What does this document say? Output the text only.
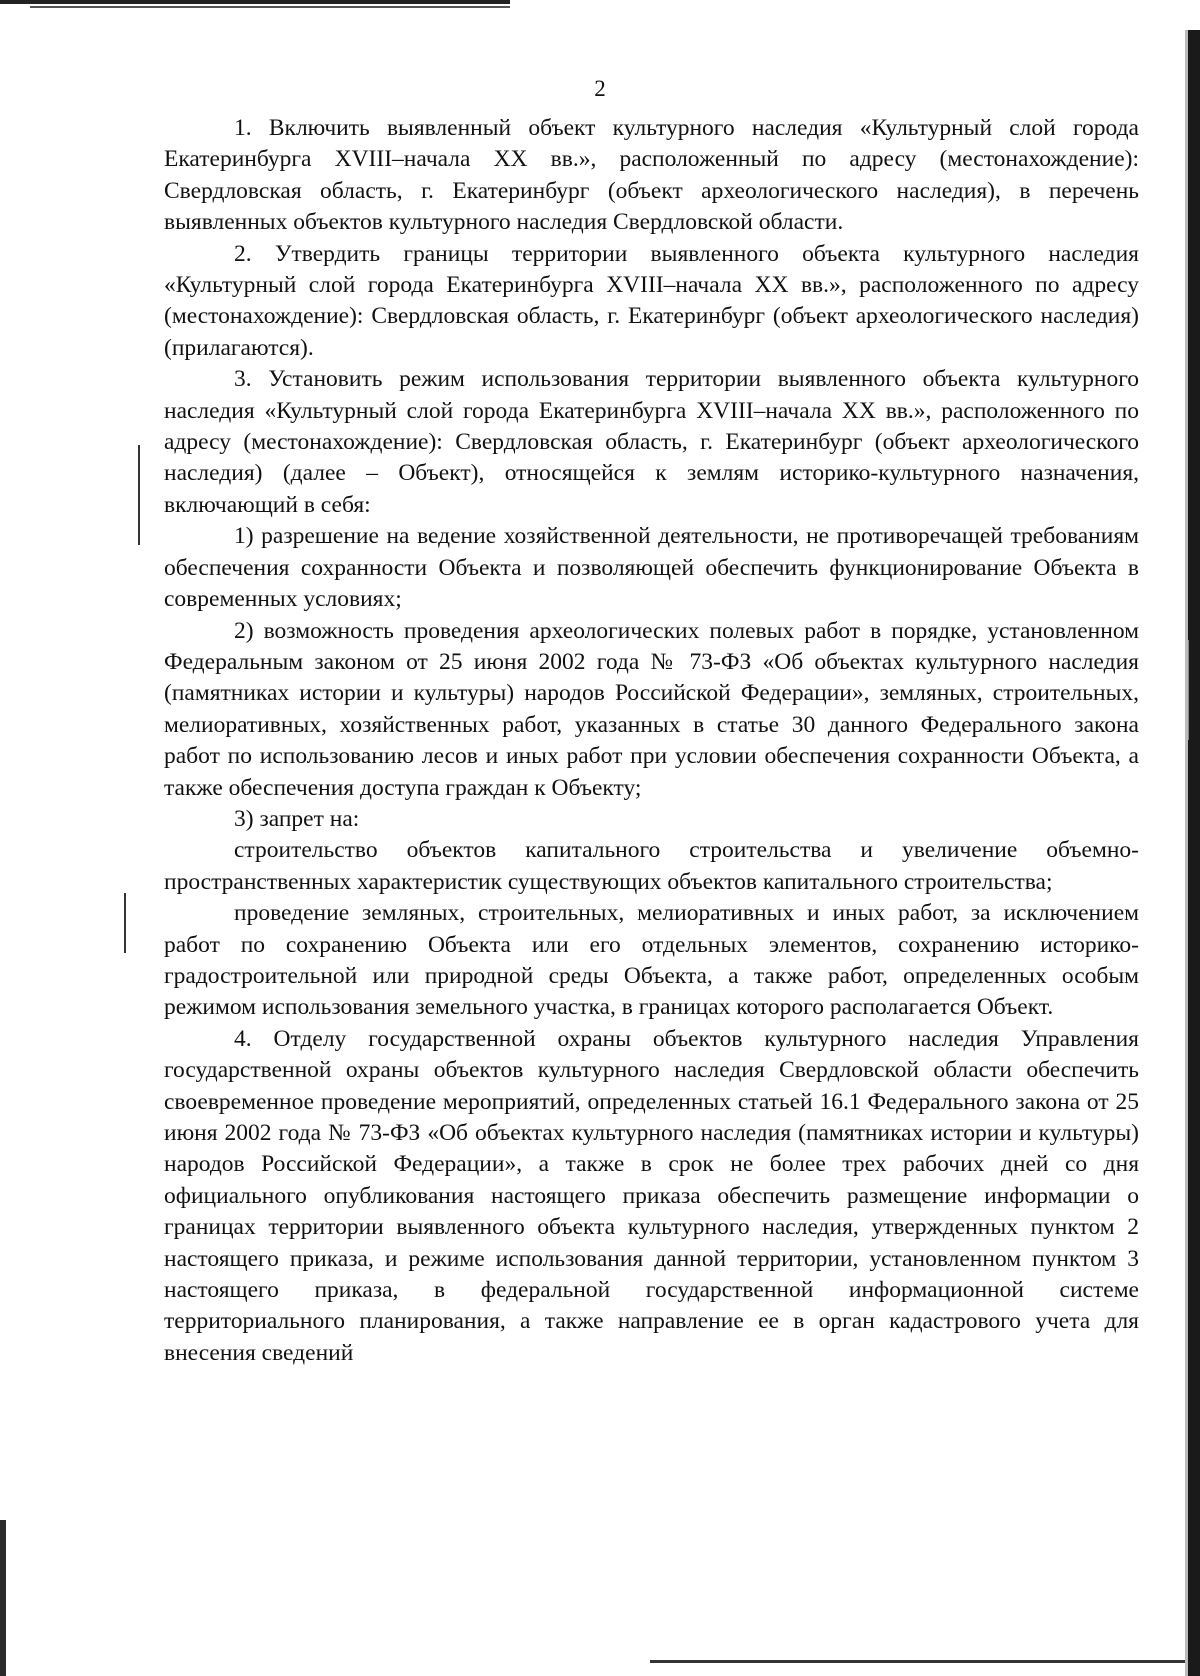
2

1. Включить выявленный объект культурного наследия «Культурный слой города Екатеринбурга XVIII–начала XX вв.», расположенный по адресу (местонахождение): Свердловская область, г. Екатеринбург (объект археологического наследия), в перечень выявленных объектов культурного наследия Свердловской области.

2. Утвердить границы территории выявленного объекта культурного наследия «Культурный слой города Екатеринбурга XVIII–начала XX вв.», расположенного по адресу (местонахождение): Свердловская область, г. Екатеринбург (объект археологического наследия) (прилагаются).

3. Установить режим использования территории выявленного объекта культурного наследия «Культурный слой города Екатеринбурга XVIII–начала XX вв.», расположенного по адресу (местонахождение): Свердловская область, г. Екатеринбург (объект археологического наследия) (далее – Объект), относящейся к землям историко-культурного назначения, включающий в себя:

1) разрешение на ведение хозяйственной деятельности, не противоречащей требованиям обеспечения сохранности Объекта и позволяющей обеспечить функционирование Объекта в современных условиях;

2) возможность проведения археологических полевых работ в порядке, установленном Федеральным законом от 25 июня 2002 года № 73-ФЗ «Об объектах культурного наследия (памятниках истории и культуры) народов Российской Федерации», земляных, строительных, мелиоративных, хозяйственных работ, указанных в статье 30 данного Федерального закона работ по использованию лесов и иных работ при условии обеспечения сохранности Объекта, а также обеспечения доступа граждан к Объекту;

3) запрет на:

строительство объектов капитального строительства и увеличение объемно-пространственных характеристик существующих объектов капитального строительства;

проведение земляных, строительных, мелиоративных и иных работ, за исключением работ по сохранению Объекта или его отдельных элементов, сохранению историко-градостроительной или природной среды Объекта, а также работ, определенных особым режимом использования земельного участка, в границах которого располагается Объект.

4. Отделу государственной охраны объектов культурного наследия Управления государственной охраны объектов культурного наследия Свердловской области обеспечить своевременное проведение мероприятий, определенных статьей 16.1 Федерального закона от 25 июня 2002 года № 73-ФЗ «Об объектах культурного наследия (памятниках истории и культуры) народов Российской Федерации», а также в срок не более трех рабочих дней со дня официального опубликования настоящего приказа обеспечить размещение информации о границах территории выявленного объекта культурного наследия, утвержденных пунктом 2 настоящего приказа, и режиме использования данной территории, установленном пунктом 3 настоящего приказа, в федеральной государственной информационной системе территориального планирования, а также направление ее в орган кадастрового учета для внесения сведений
